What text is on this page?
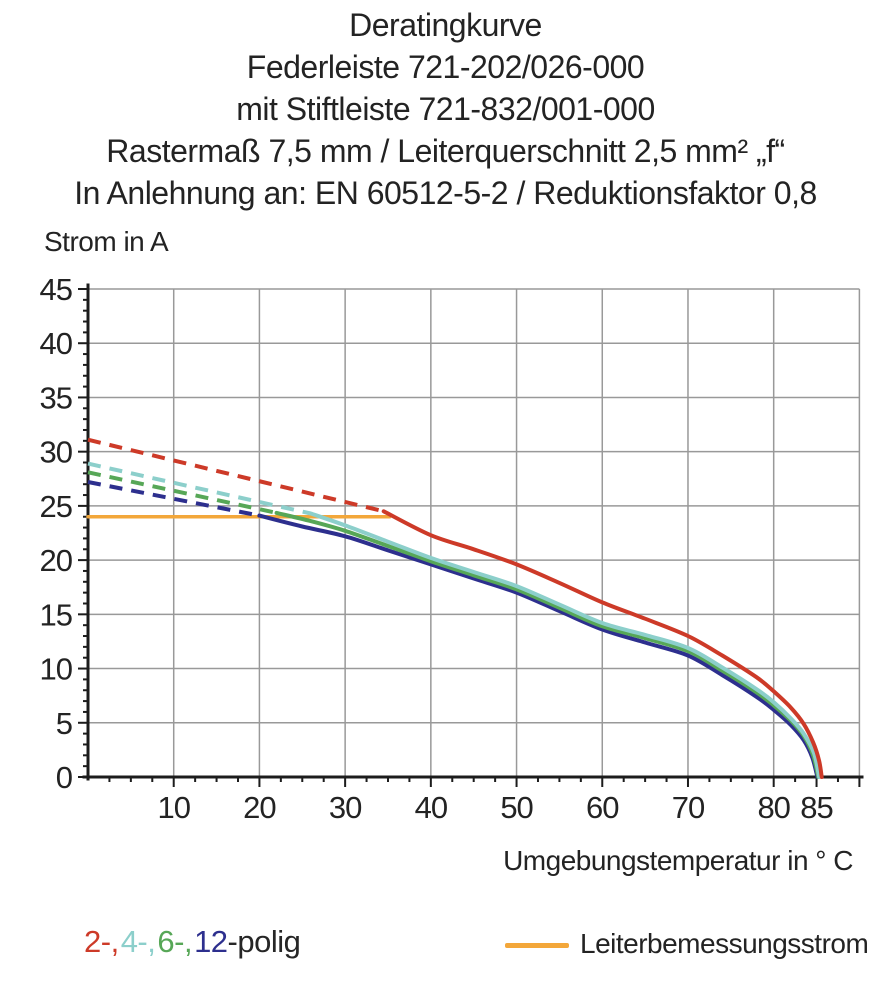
Deratingkurve
Federleiste 721-202/026-000
mit Stiftleiste 721-832/001-000
Rastermaß 7,5 mm / Leiterquerschnitt 2,5 mm² „f“
In Anlehnung an: EN 60512-5-2 / Reduktionsfaktor 0,8
Strom in A
10 20 30 40 50 60 70 80 85
0
5
10
15
20
25
30
35
40
45
Umgebungstemperatur in ° C
2-,4-,6-,12-polig	Leiterbemessungsstrom
